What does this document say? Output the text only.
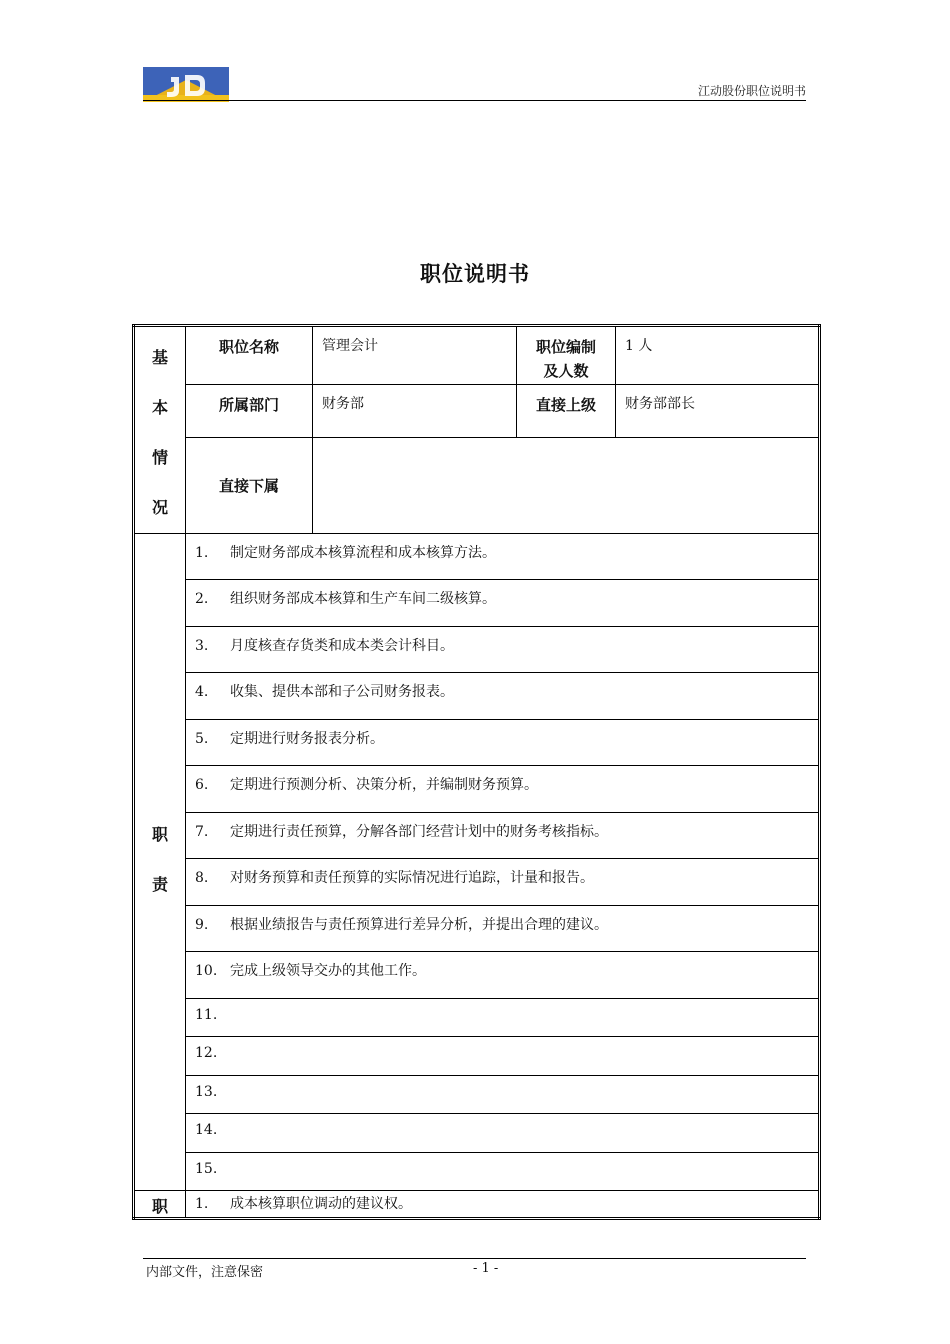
江动股份职位说明书
职位说明书
基
本
情
况	职位名称	管理会计	职位编制及人数	1 人

	所属部门	财务部	直接上级	财务部部长

	直接下属			

职
责	1. 制定财务部成本核算流程和成本核算方法。			

	2. 组织财务部成本核算和生产车间二级核算。			

	3. 月度核查存货类和成本类会计科目。			

	4. 收集、提供本部和子公司财务报表。			

	5. 定期进行财务报表分析。			

	6. 定期进行预测分析、决策分析，并编制财务预算。			

	7. 定期进行责任预算，分解各部门经营计划中的财务考核指标。			

	8. 对财务预算和责任预算的实际情况进行追踪，计量和报告。			

	9. 根据业绩报告与责任预算进行差异分析，并提出合理的建议。			

	10. 完成上级领导交办的其他工作。			

	11.			

	12.			

	13.			

	14.			

	15.			

职	1. 成本核算职位调动的建议权。			
内部文件，注意保密	- 1 -
